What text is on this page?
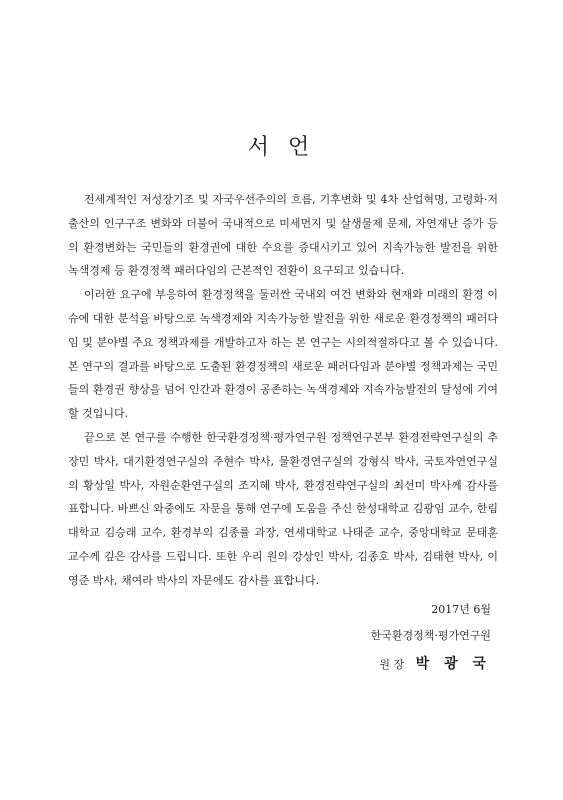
서 언

전세계적인 저성장기조 및 자국우선주의의 흐름, 기후변화 및 4차 산업혁명, 고령화·저출산의 인구구조 변화와 더불어 국내적으로 미세먼지 및 살생물제 문제, 자연재난 증가 등의 환경변화는 국민들의 환경권에 대한 수요를 증대시키고 있어 지속가능한 발전을 위한 녹색경제 등 환경정책 패러다임의 근본적인 전환이 요구되고 있습니다.

이러한 요구에 부응하여 환경정책을 둘러싼 국내외 여건 변화와 현재와 미래의 환경 이슈에 대한 분석을 바탕으로 녹색경제와 지속가능한 발전을 위한 새로운 환경정책의 패러다임 및 분야별 주요 정책과제를 개발하고자 하는 본 연구는 시의적절하다고 볼 수 있습니다. 본 연구의 결과를 바탕으로 도출된 환경정책의 새로운 패러다임과 분야별 정책과제는 국민들의 환경권 향상을 넘어 인간과 환경이 공존하는 녹색경제와 지속가능발전의 달성에 기여할 것입니다.

끝으로 본 연구를 수행한 한국환경정책·평가연구원 정책연구본부 환경전략연구실의 추장민 박사, 대기환경연구실의 주현수 박사, 물환경연구실의 강형식 박사, 국토자연연구실의 황상일 박사, 자원순환연구실의 조지혜 박사, 환경전략연구실의 최선미 박사께 감사를 표합니다. 바쁘신 와중에도 자문을 통해 연구에 도움을 주신 한성대학교 김광임 교수, 한림대학교 김승래 교수, 환경부의 김종률 과장, 연세대학교 나태준 교수, 중앙대학교 문태훈 교수께 깊은 감사를 드립니다. 또한 우리 원의 강상인 박사, 김종호 박사, 김태현 박사, 이영준 박사, 채여라 박사의 자문에도 감사를 표합니다.

2017년 6월
한국환경정책·평가연구원
원 장 박 광 국
